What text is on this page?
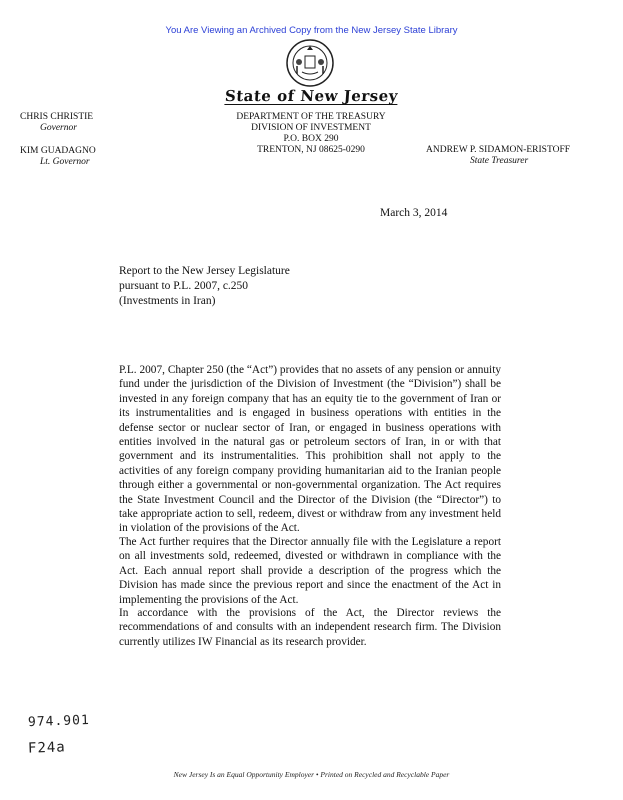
You Are Viewing an Archived Copy from the New Jersey State Library
State of New Jersey
CHRIS CHRISTIE
Governor
KIM GUADAGNO
Lt. Governor
DEPARTMENT OF THE TREASURY
DIVISION OF INVESTMENT
P.O. BOX 290
TRENTON, NJ 08625-0290	ANDREW P. SIDAMON-ERISTOFF
State Treasurer
March 3, 2014
Report to the New Jersey Legislature
pursuant to P.L. 2007, c.250
(Investments in Iran)
P.L. 2007, Chapter 250 (the “Act”) provides that no assets of any pension or annuity fund under the jurisdiction of the Division of Investment (the “Division”) shall be invested in any foreign company that has an equity tie to the government of Iran or its instrumentalities and is engaged in business operations with entities in the defense sector or nuclear sector of Iran, or engaged in business operations with entities involved in the natural gas or petroleum sectors of Iran, in or with that government and its instrumentalities. This prohibition shall not apply to the activities of any foreign company providing humanitarian aid to the Iranian people through either a governmental or non-governmental organization. The Act requires the State Investment Council and the Director of the Division (the “Director”) to take appropriate action to sell, redeem, divest or withdraw from any investment held in violation of the provisions of the Act.
The Act further requires that the Director annually file with the Legislature a report on all investments sold, redeemed, divested or withdrawn in compliance with the Act. Each annual report shall provide a description of the progress which the Division has made since the previous report and since the enactment of the Act in implementing the provisions of the Act.
In accordance with the provisions of the Act, the Director reviews the recommendations of and consults with an independent research firm. The Division currently utilizes IW Financial as its research provider.
974.901
F24a
New Jersey Is an Equal Opportunity Employer • Printed on Recycled and Recyclable Paper
